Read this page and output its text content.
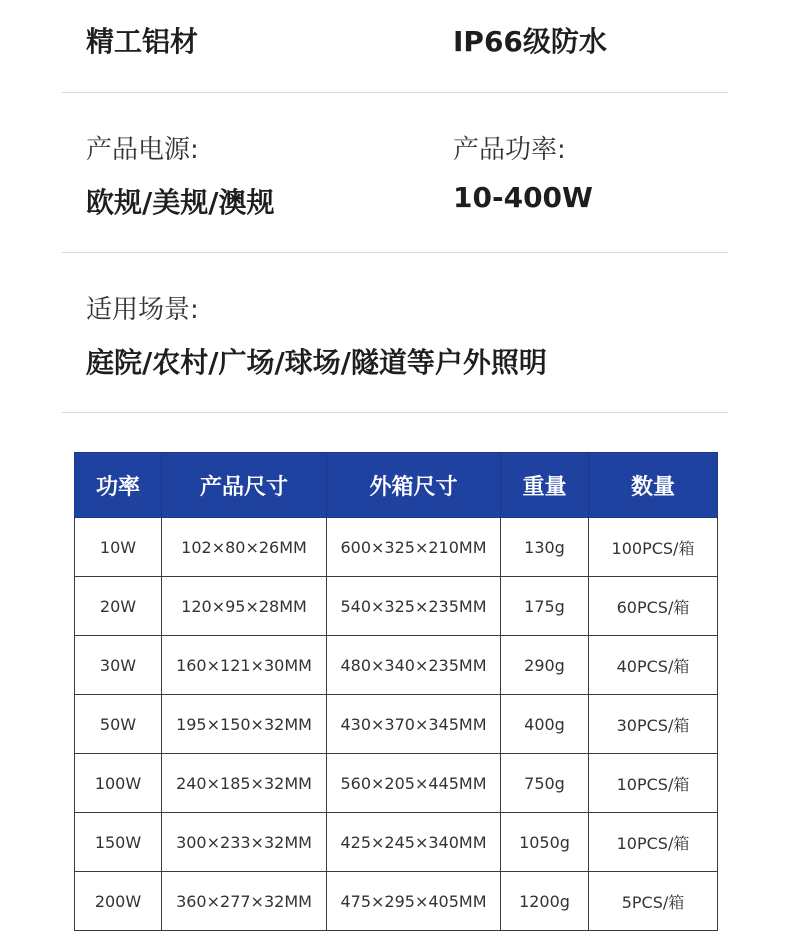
精工铝材	IP66级防水
产品电源:
欧规/美规/澳规
产品功率:
10-400W
适用场景:
庭院/农村/广场/球场/隧道等户外照明
功率	产品尺寸	外箱尺寸	重量	数量
10W	102×80×26MM	600×325×210MM	130g	100PCS/箱
20W	120×95×28MM	540×325×235MM	175g	60PCS/箱
30W	160×121×30MM	480×340×235MM	290g	40PCS/箱
50W	195×150×32MM	430×370×345MM	400g	30PCS/箱
100W	240×185×32MM	560×205×445MM	750g	10PCS/箱
150W	300×233×32MM	425×245×340MM	1050g	10PCS/箱
200W	360×277×32MM	475×295×405MM	1200g	5PCS/箱
